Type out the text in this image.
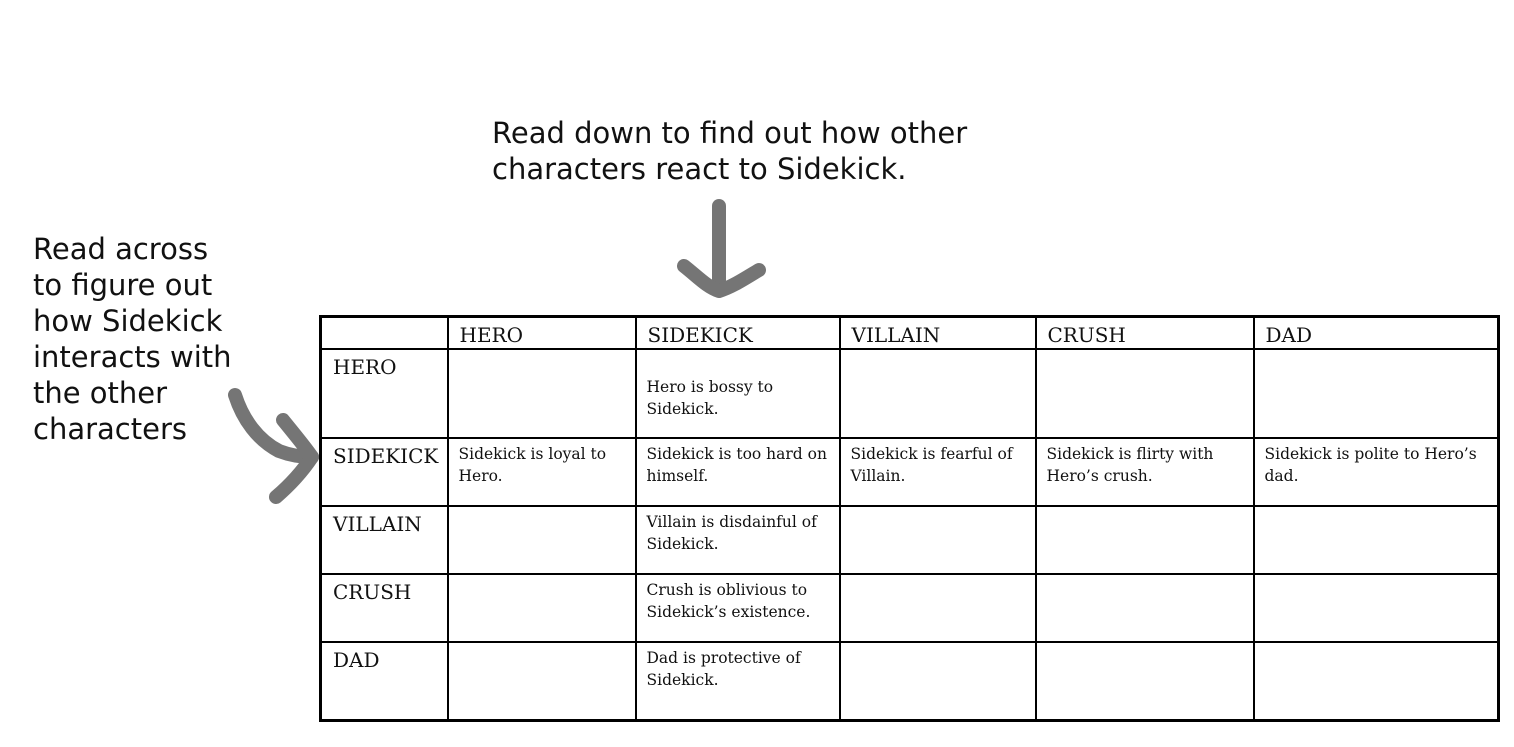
Read down to find out how other
characters react to Sidekick.

Read across
to figure out
how Sidekick
interacts with
the other
characters

	HERO	SIDEKICK	VILLAIN	CRUSH	DAD
HERO		Hero is bossy to Sidekick.			
SIDEKICK	Sidekick is loyal to Hero.	Sidekick is too hard on himself.	Sidekick is fearful of Villain.	Sidekick is flirty with Hero’s crush.	Sidekick is polite to Hero’s dad.
VILLAIN		Villain is disdainful of Sidekick.			
CRUSH		Crush is oblivious to Sidekick’s existence.			
DAD		Dad is protective of Sidekick.			
